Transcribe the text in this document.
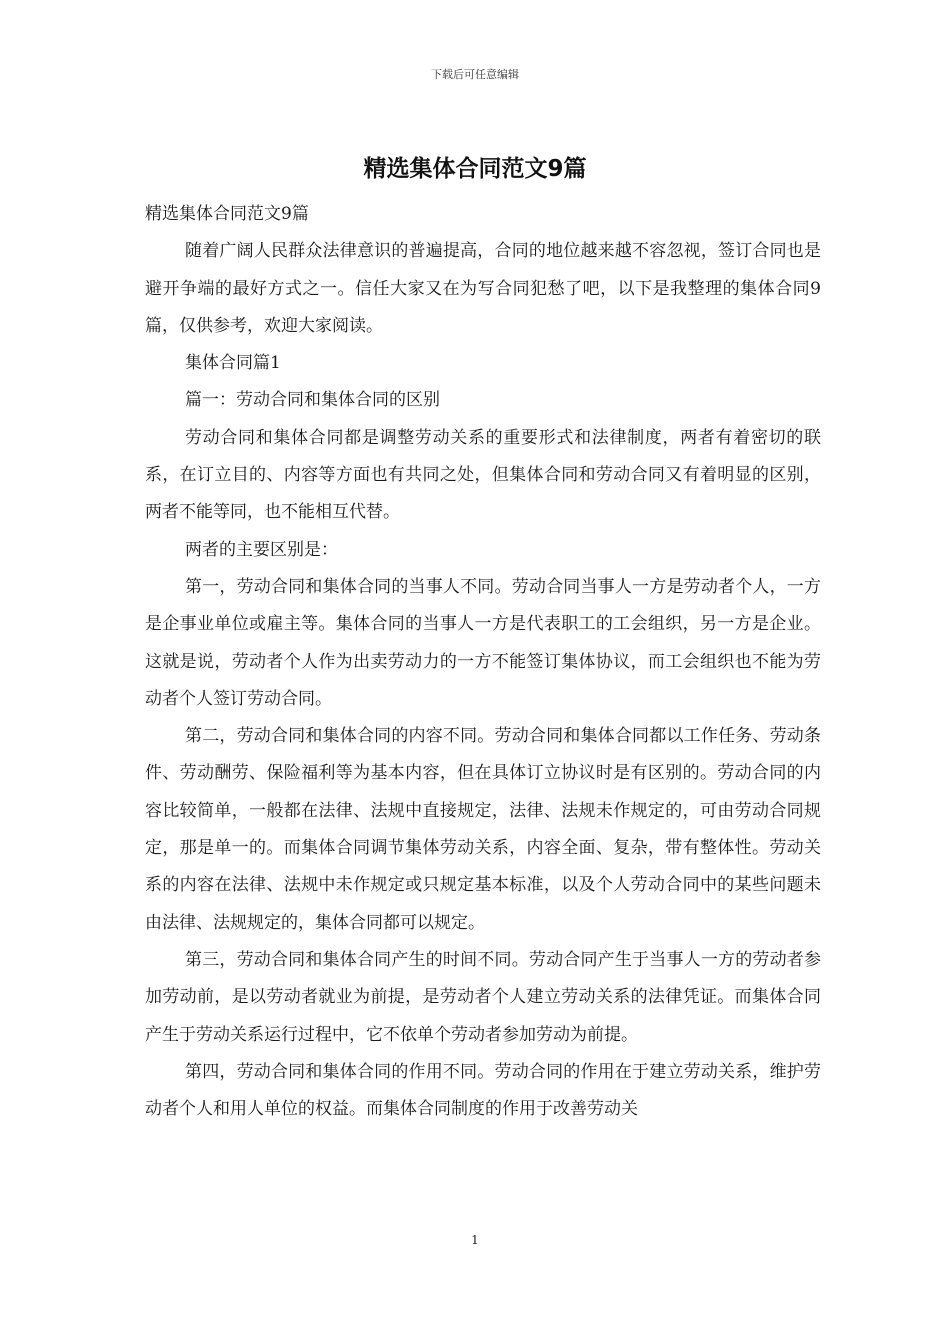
下载后可任意编辑
精选集体合同范文9篇

精选集体合同范文9篇

随着广阔人民群众法律意识的普遍提高，合同的地位越来越不容忽视，签订合同也是避开争端的最好方式之一。信任大家又在为写合同犯愁了吧，以下是我整理的集体合同9篇，仅供参考，欢迎大家阅读。

集体合同篇1

篇一：劳动合同和集体合同的区别

劳动合同和集体合同都是调整劳动关系的重要形式和法律制度，两者有着密切的联系，在订立目的、内容等方面也有共同之处，但集体合同和劳动合同又有着明显的区别，两者不能等同，也不能相互代替。

两者的主要区别是：

第一，劳动合同和集体合同的当事人不同。劳动合同当事人一方是劳动者个人，一方是企事业单位或雇主等。集体合同的当事人一方是代表职工的工会组织，另一方是企业。这就是说，劳动者个人作为出卖劳动力的一方不能签订集体协议，而工会组织也不能为劳动者个人签订劳动合同。

第二，劳动合同和集体合同的内容不同。劳动合同和集体合同都以工作任务、劳动条件、劳动酬劳、保险福利等为基本内容，但在具体订立协议时是有区别的。劳动合同的内容比较简单，一般都在法律、法规中直接规定，法律、法规未作规定的，可由劳动合同规定，那是单一的。而集体合同调节集体劳动关系，内容全面、复杂，带有整体性。劳动关系的内容在法律、法规中未作规定或只规定基本标准，以及个人劳动合同中的某些问题未由法律、法规规定的，集体合同都可以规定。

第三，劳动合同和集体合同产生的时间不同。劳动合同产生于当事人一方的劳动者参加劳动前，是以劳动者就业为前提，是劳动者个人建立劳动关系的法律凭证。而集体合同产生于劳动关系运行过程中，它不依单个劳动者参加劳动为前提。

第四，劳动合同和集体合同的作用不同。劳动合同的作用在于建立劳动关系，维护劳动者个人和用人单位的权益。而集体合同制度的作用于改善劳动关

1
